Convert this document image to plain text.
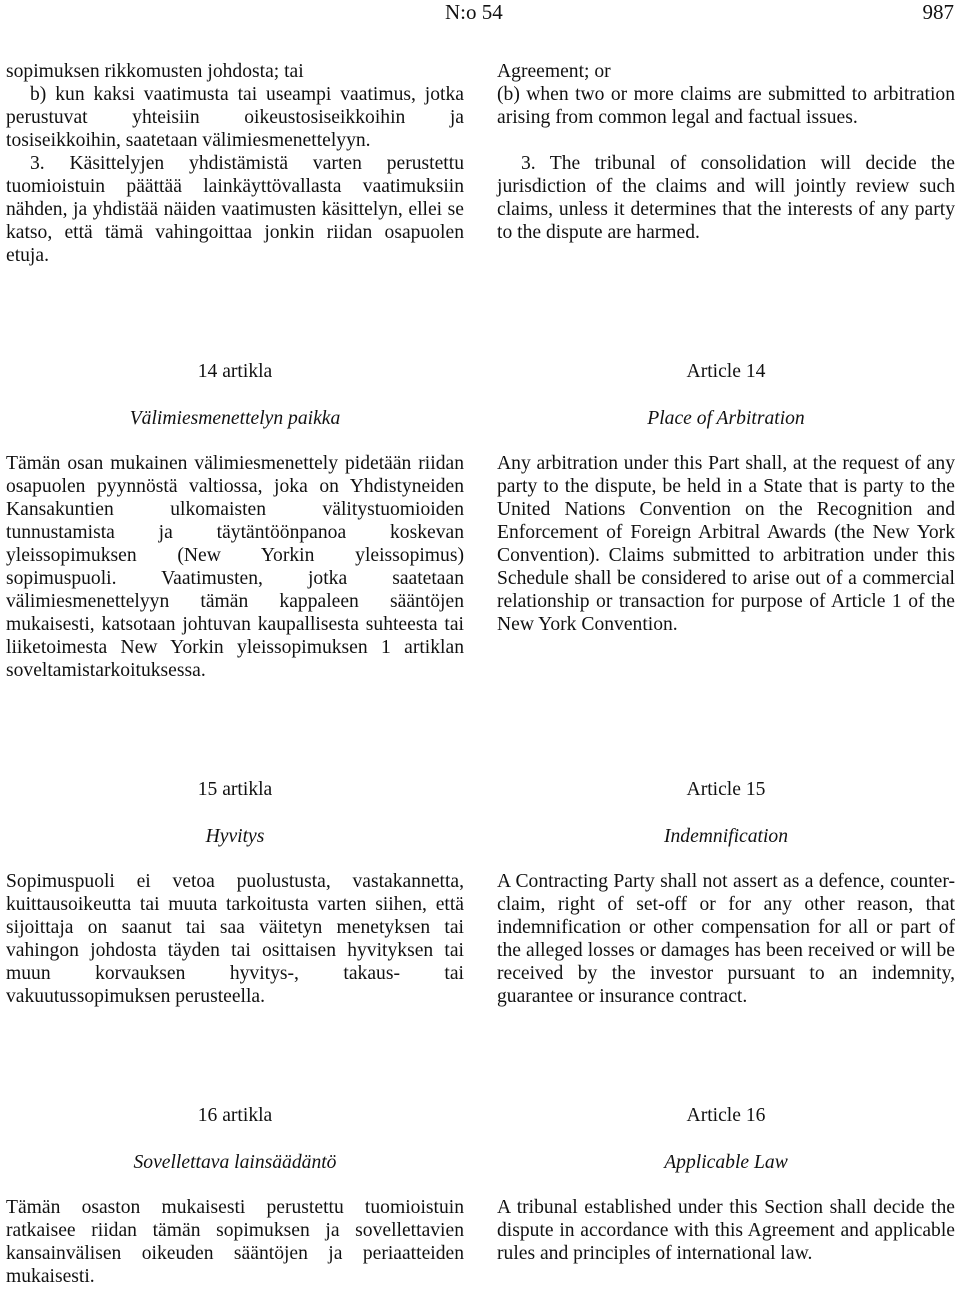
N:o 54	987

sopimuksen rikkomusten johdosta; tai

b) kun kaksi vaatimusta tai useampi vaatimus, jotka perustuvat yhteisiin oikeustosiseikkoihin ja tosiseikkoihin, saatetaan välimiesmenettelyyn.

3. Käsittelyjen yhdistämistä varten perustettu tuomioistuin päättää lainkäyttövallasta vaatimuksiin nähden, ja yhdistää näiden vaatimusten käsittelyn, ellei se katso, että tämä vahingoittaa jonkin riidan osapuolen etuja.

Agreement; or

(b) when two or more claims are submitted to arbitration arising from common legal and factual issues.

3. The tribunal of consolidation will decide the jurisdiction of the claims and will jointly review such claims, unless it determines that the interests of any party to the dispute are harmed.

14 artikla

Välimiesmenettelyn paikka

Tämän osan mukainen välimiesmenettely pidetään riidan osapuolen pyynnöstä valtiossa, joka on Yhdistyneiden Kansakuntien ulkomaisten välitystuomioiden tunnustamista ja täytäntöönpanoa koskevan yleissopimuksen (New Yorkin yleissopimus) sopimuspuoli. Vaatimusten, jotka saatetaan välimiesmenettelyyn tämän kappaleen sääntöjen mukaisesti, katsotaan johtuvan kaupallisesta suhteesta tai liiketoimesta New Yorkin yleissopimuksen 1 artiklan soveltamistarkoituksessa.

Article 14

Place of Arbitration

Any arbitration under this Part shall, at the request of any party to the dispute, be held in a State that is party to the United Nations Convention on the Recognition and Enforcement of Foreign Arbitral Awards (the New York Convention). Claims submitted to arbitration under this Schedule shall be considered to arise out of a commercial relationship or transaction for purpose of Article 1 of the New York Convention.

15 artikla

Hyvitys

Sopimuspuoli ei vetoa puolustusta, vastakannetta, kuittausoikeutta tai muuta tarkoitusta varten siihen, että sijoittaja on saanut tai saa väitetyn menetyksen tai vahingon johdosta täyden tai osittaisen hyvityksen tai muun korvauksen hyvitys-, takaus- tai vakuutussopimuksen perusteella.

Article 15

Indemnification

A Contracting Party shall not assert as a defence, counter-claim, right of set-off or for any other reason, that indemnification or other compensation for all or part of the alleged losses or damages has been received or will be received by the investor pursuant to an indemnity, guarantee or insurance contract.

16 artikla

Sovellettava lainsäädäntö

Tämän osaston mukaisesti perustettu tuomioistuin ratkaisee riidan tämän sopimuksen ja sovellettavien kansainvälisen oikeuden sääntöjen ja periaatteiden mukaisesti.

Article 16

Applicable Law

A tribunal established under this Section shall decide the dispute in accordance with this Agreement and applicable rules and principles of international law.
